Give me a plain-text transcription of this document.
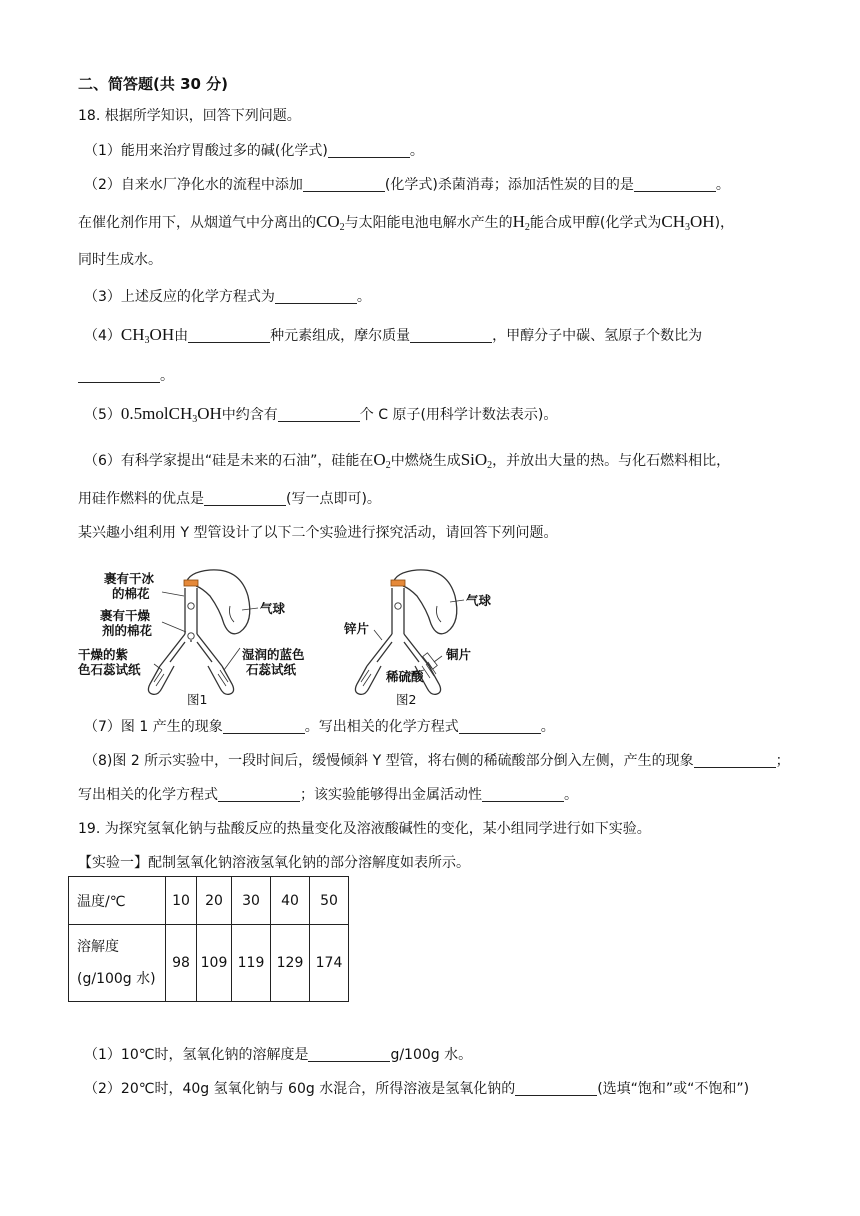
二、简答题(共 30 分)
18. 根据所学知识，回答下列问题。
（1）能用来治疗胃酸过多的碱(化学式)	。
（2）自来水厂净化水的流程中添加	(化学式)杀菌消毒；添加活性炭的目的是	。
在催化剂作用下，从烟道气中分离出的$CO_2$与太阳能电池电解水产生的$H_2$能合成甲醇(化学式为$CH_3OH$)，
同时生成水。
（3）上述反应的化学方程式为	。
$(4)CH_3OH$由	种元素组成，摩尔质量	，甲醇分子中碳、氢原子个数比为
。
（5）0.5molCH$_3$OH中约含有	个 C 原子(用科学计数法表示)。
（6）有科学家提出“硅是未来的石油”，硅能在$O_2$中燃烧生成SiO$_2$，并放出大量的热。与化石燃料相比，
用硅作燃料的优点是	(写一点即可)。
某兴趣小组利用 Y 型管设计了以下二个实验进行探究活动，请回答下列问题。
裹有干冰
的棉花
裹有干燥
剂的棉花
干燥的紫
色石蕊试纸
气球
湿润的蓝色
石蕊试纸
图1
锌片
气球
铜片
稀硫酸
图2
（7）图 1 产生的现象	。写出相关的化学方程式	。
（8)图 2 所示实验中，一段时间后，缓慢倾斜 Y 型管，将右侧的稀硫酸部分倒入左侧，产生的现象	；
写出相关的化学方程式	；该实验能够得出金属活动性	。
19. 为探究氢氧化钠与盐酸反应的热量变化及溶液酸碱性的变化，某小组同学进行如下实验。
【实验一】配制氢氧化钠溶液氢氧化钠的部分溶解度如表所示。
温度/℃	10	20	30	40	50

溶解度
(g/100g 水)	98	109	119	129	174
（1）10℃时，氢氧化钠的溶解度是	g/100g 水。
（2）20℃时，40g 氢氧化钠与 60g 水混合，所得溶液是氢氧化钠的	(选填“饱和”或“不饱和”)
